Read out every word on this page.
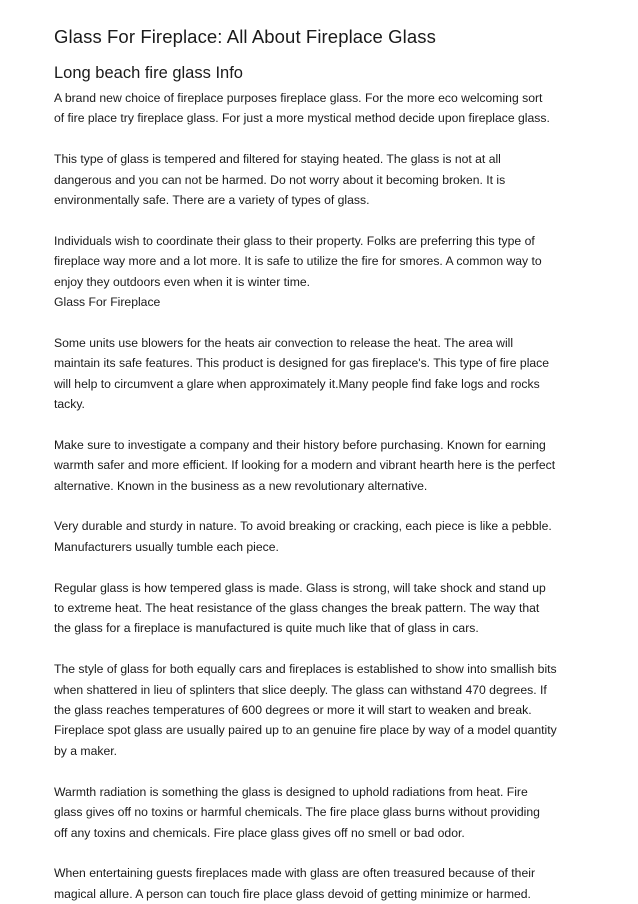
Glass For Fireplace: All About Fireplace Glass
Long beach fire glass Info

A brand new choice of fireplace purposes fireplace glass. For the more eco welcoming sort
of fire place try fireplace glass. For just a more mystical method decide upon fireplace glass.

This type of glass is tempered and filtered for staying heated. The glass is not at all
dangerous and you can not be harmed. Do not worry about it becoming broken. It is
environmentally safe. There are a variety of types of glass.

Individuals wish to coordinate their glass to their property. Folks are preferring this type of
fireplace way more and a lot more. It is safe to utilize the fire for smores. A common way to
enjoy they outdoors even when it is winter time.

Glass For Fireplace

Some units use blowers for the heats air convection to release the heat. The area will
maintain its safe features. This product is designed for gas fireplace's. This type of fire place
will help to circumvent a glare when approximately it.Many people find fake logs and rocks
tacky.

Make sure to investigate a company and their history before purchasing. Known for earning
warmth safer and more efficient. If looking for a modern and vibrant hearth here is the perfect
alternative. Known in the business as a new revolutionary alternative.

Very durable and sturdy in nature. To avoid breaking or cracking, each piece is like a pebble.
Manufacturers usually tumble each piece.

Regular glass is how tempered glass is made. Glass is strong, will take shock and stand up
to extreme heat. The heat resistance of the glass changes the break pattern. The way that
the glass for a fireplace is manufactured is quite much like that of glass in cars.

The style of glass for both equally cars and fireplaces is established to show into smallish bits
when shattered in lieu of splinters that slice deeply. The glass can withstand 470 degrees. If
the glass reaches temperatures of 600 degrees or more it will start to weaken and break.
Fireplace spot glass are usually paired up to an genuine fire place by way of a model quantity
by a maker.

Warmth radiation is something the glass is designed to uphold radiations from heat. Fire
glass gives off no toxins or harmful chemicals. The fire place glass burns without providing
off any toxins and chemicals. Fire place glass gives off no smell or bad odor.

When entertaining guests fireplaces made with glass are often treasured because of their
magical allure. A person can touch fire place glass devoid of getting minimize or harmed.
